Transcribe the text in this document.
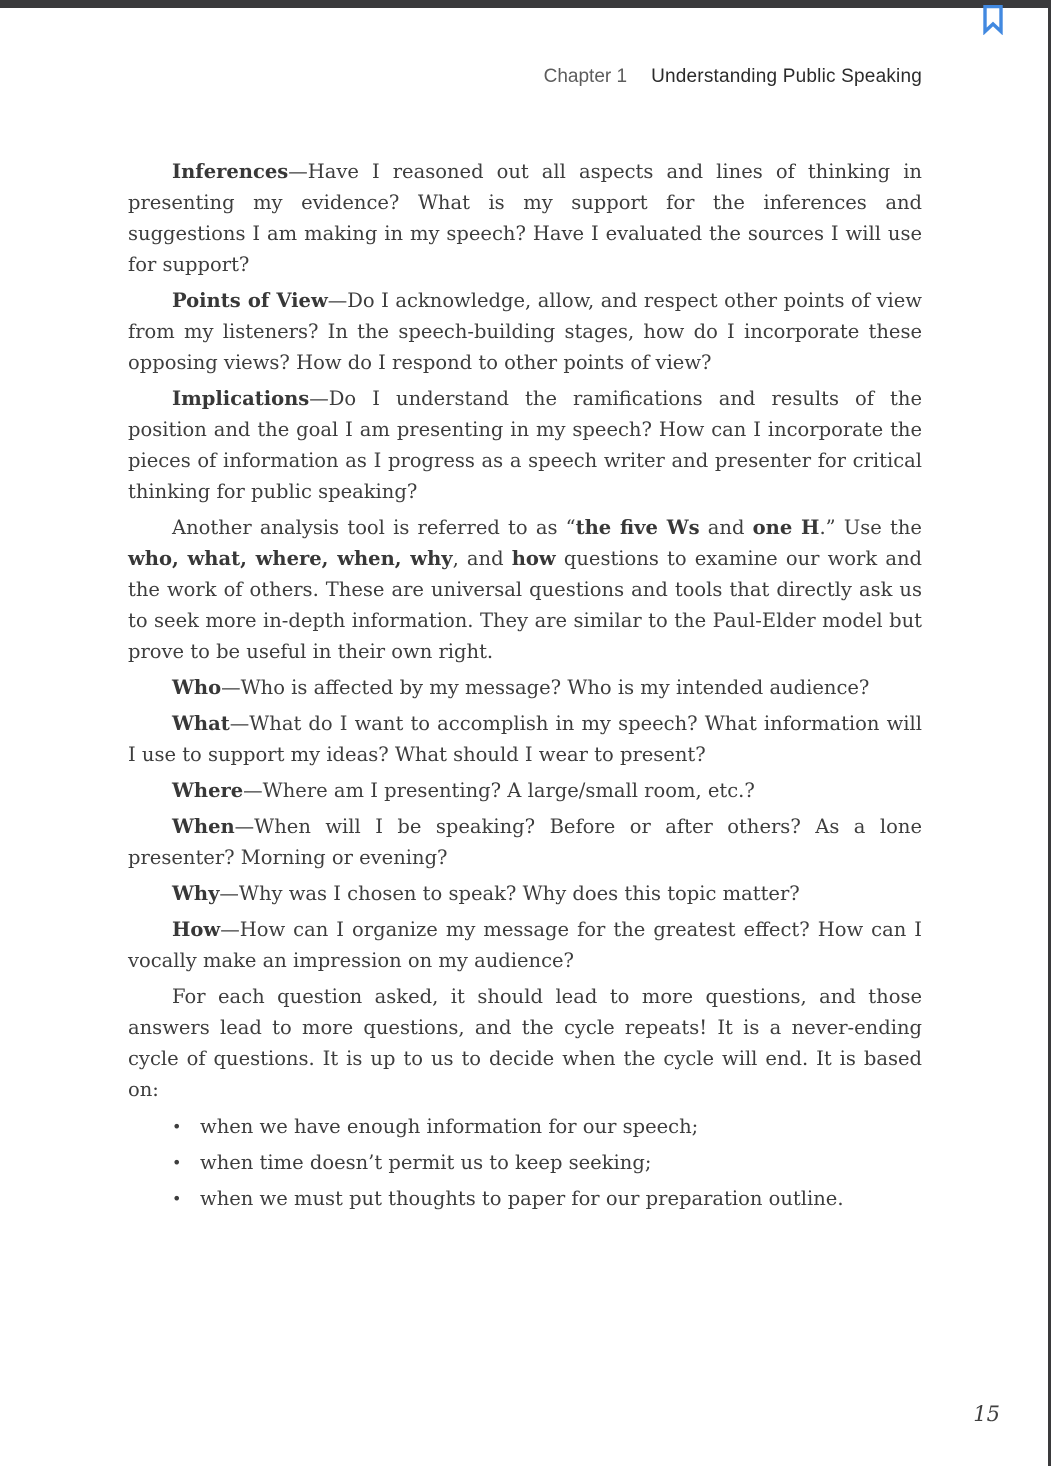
Chapter 1 Understanding Public Speaking

Inferences—Have I reasoned out all aspects and lines of thinking in presenting my evidence? What is my support for the inferences and suggestions I am making in my speech? Have I evaluated the sources I will use for support?

Points of View—Do I acknowledge, allow, and respect other points of view from my listeners? In the speech-building stages, how do I incorporate these opposing views? How do I respond to other points of view?

Implications—Do I understand the ramifications and results of the position and the goal I am presenting in my speech? How can I incorporate the pieces of information as I progress as a speech writer and presenter for critical thinking for public speaking?

Another analysis tool is referred to as “the five Ws and one H.” Use the who, what, where, when, why, and how questions to examine our work and the work of others. These are universal questions and tools that directly ask us to seek more in-depth information. They are similar to the Paul-Elder model but prove to be useful in their own right.

Who—Who is affected by my message? Who is my intended audience?

What—What do I want to accomplish in my speech? What information will I use to support my ideas? What should I wear to present?

Where—Where am I presenting? A large/small room, etc.?

When—When will I be speaking? Before or after others? As a lone presenter? Morning or evening?

Why—Why was I chosen to speak? Why does this topic matter?

How—How can I organize my message for the greatest effect? How can I vocally make an impression on my audience?

For each question asked, it should lead to more questions, and those answers lead to more questions, and the cycle repeats! It is a never-ending cycle of questions. It is up to us to decide when the cycle will end. It is based on:

• when we have enough information for our speech;
• when time doesn’t permit us to keep seeking;
• when we must put thoughts to paper for our preparation outline.
15
